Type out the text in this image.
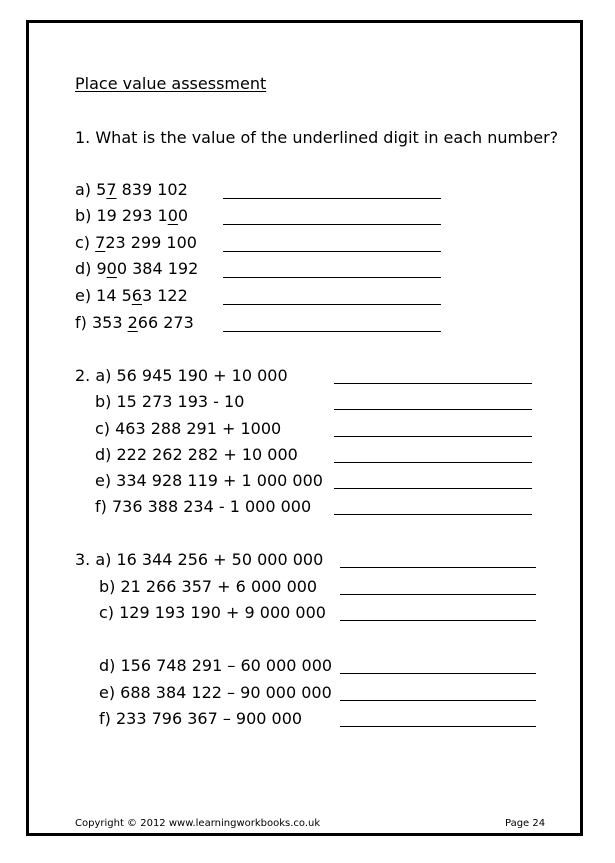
Place value assessment
1. What is the value of the underlined digit in each number?
a) 57 839 102
b) 19 293 100
c) 723 299 100
d) 900 384 192
e) 14 563 122
f) 353 266 273
2. a) 56 945 190 + 10 000
b) 15 273 193 - 10
c) 463 288 291 + 1000
d) 222 262 282 + 10 000
e) 334 928 119 + 1 000 000
f) 736 388 234 - 1 000 000
3. a) 16 344 256 + 50 000 000
b) 21 266 357 + 6 000 000
c) 129 193 190 + 9 000 000
d) 156 748 291 – 60 000 000
e) 688 384 122 – 90 000 000
f) 233 796 367 – 900 000
Copyright © 2012 www.learningworkbooks.co.uk	Page 24
